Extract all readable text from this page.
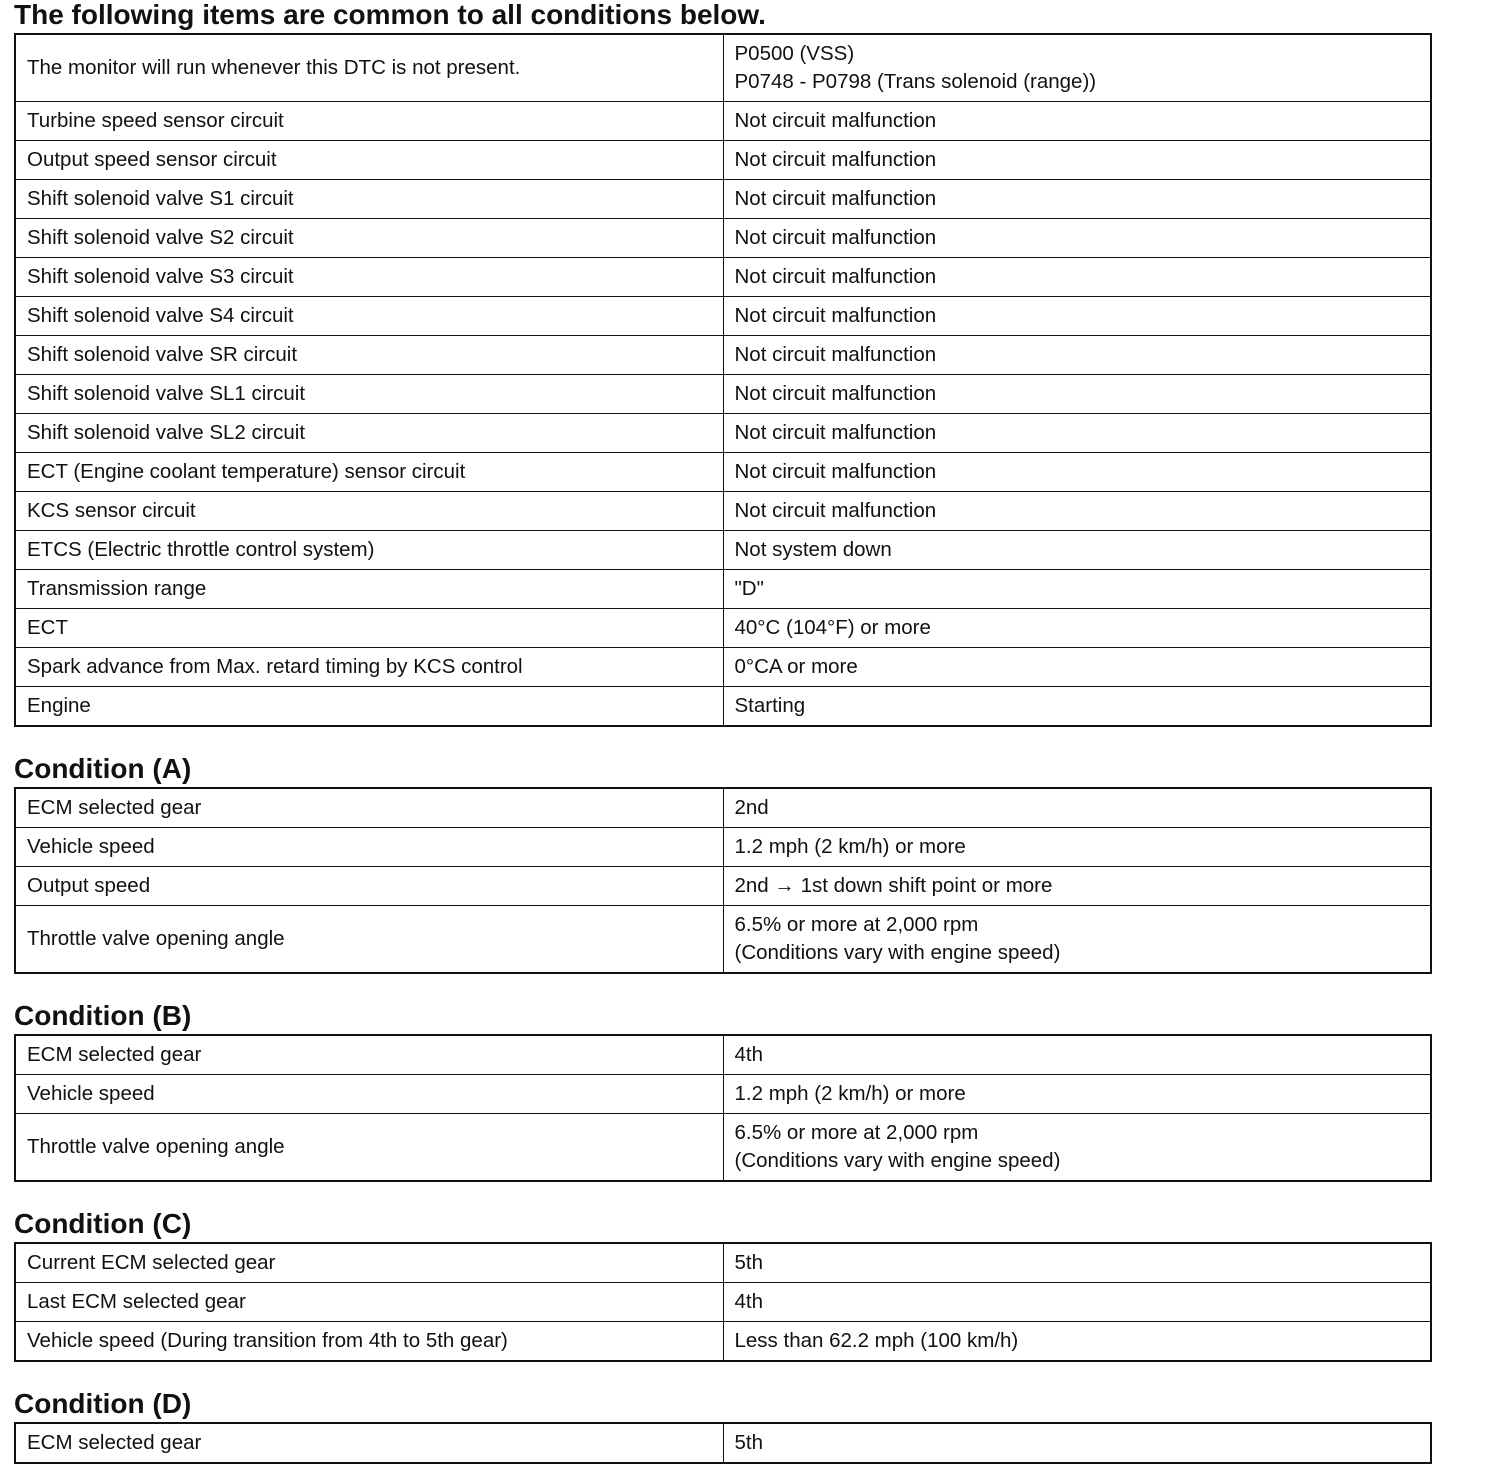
The following items are common to all conditions below.
The monitor will run whenever this DTC is not present.	P0500 (VSS)
P0748 - P0798 (Trans solenoid (range))

Turbine speed sensor circuit	Not circuit malfunction

Output speed sensor circuit	Not circuit malfunction

Shift solenoid valve S1 circuit	Not circuit malfunction

Shift solenoid valve S2 circuit	Not circuit malfunction

Shift solenoid valve S3 circuit	Not circuit malfunction

Shift solenoid valve S4 circuit	Not circuit malfunction

Shift solenoid valve SR circuit	Not circuit malfunction

Shift solenoid valve SL1 circuit	Not circuit malfunction

Shift solenoid valve SL2 circuit	Not circuit malfunction

ECT (Engine coolant temperature) sensor circuit	Not circuit malfunction

KCS sensor circuit	Not circuit malfunction

ETCS (Electric throttle control system)	Not system down

Transmission range	"D"

ECT	40°C (104°F) or more

Spark advance from Max. retard timing by KCS control	0°CA or more

Engine	Starting
Condition (A)
ECM selected gear	2nd

Vehicle speed	1.2 mph (2 km/h) or more

Output speed	2nd → 1st down shift point or more

Throttle valve opening angle	6.5% or more at 2,000 rpm
(Conditions vary with engine speed)
Condition (B)
ECM selected gear	4th

Vehicle speed	1.2 mph (2 km/h) or more

Throttle valve opening angle	6.5% or more at 2,000 rpm
(Conditions vary with engine speed)
Condition (C)
Current ECM selected gear	5th

Last ECM selected gear	4th

Vehicle speed (During transition from 4th to 5th gear)	Less than 62.2 mph (100 km/h)
Condition (D)
ECM selected gear	5th
